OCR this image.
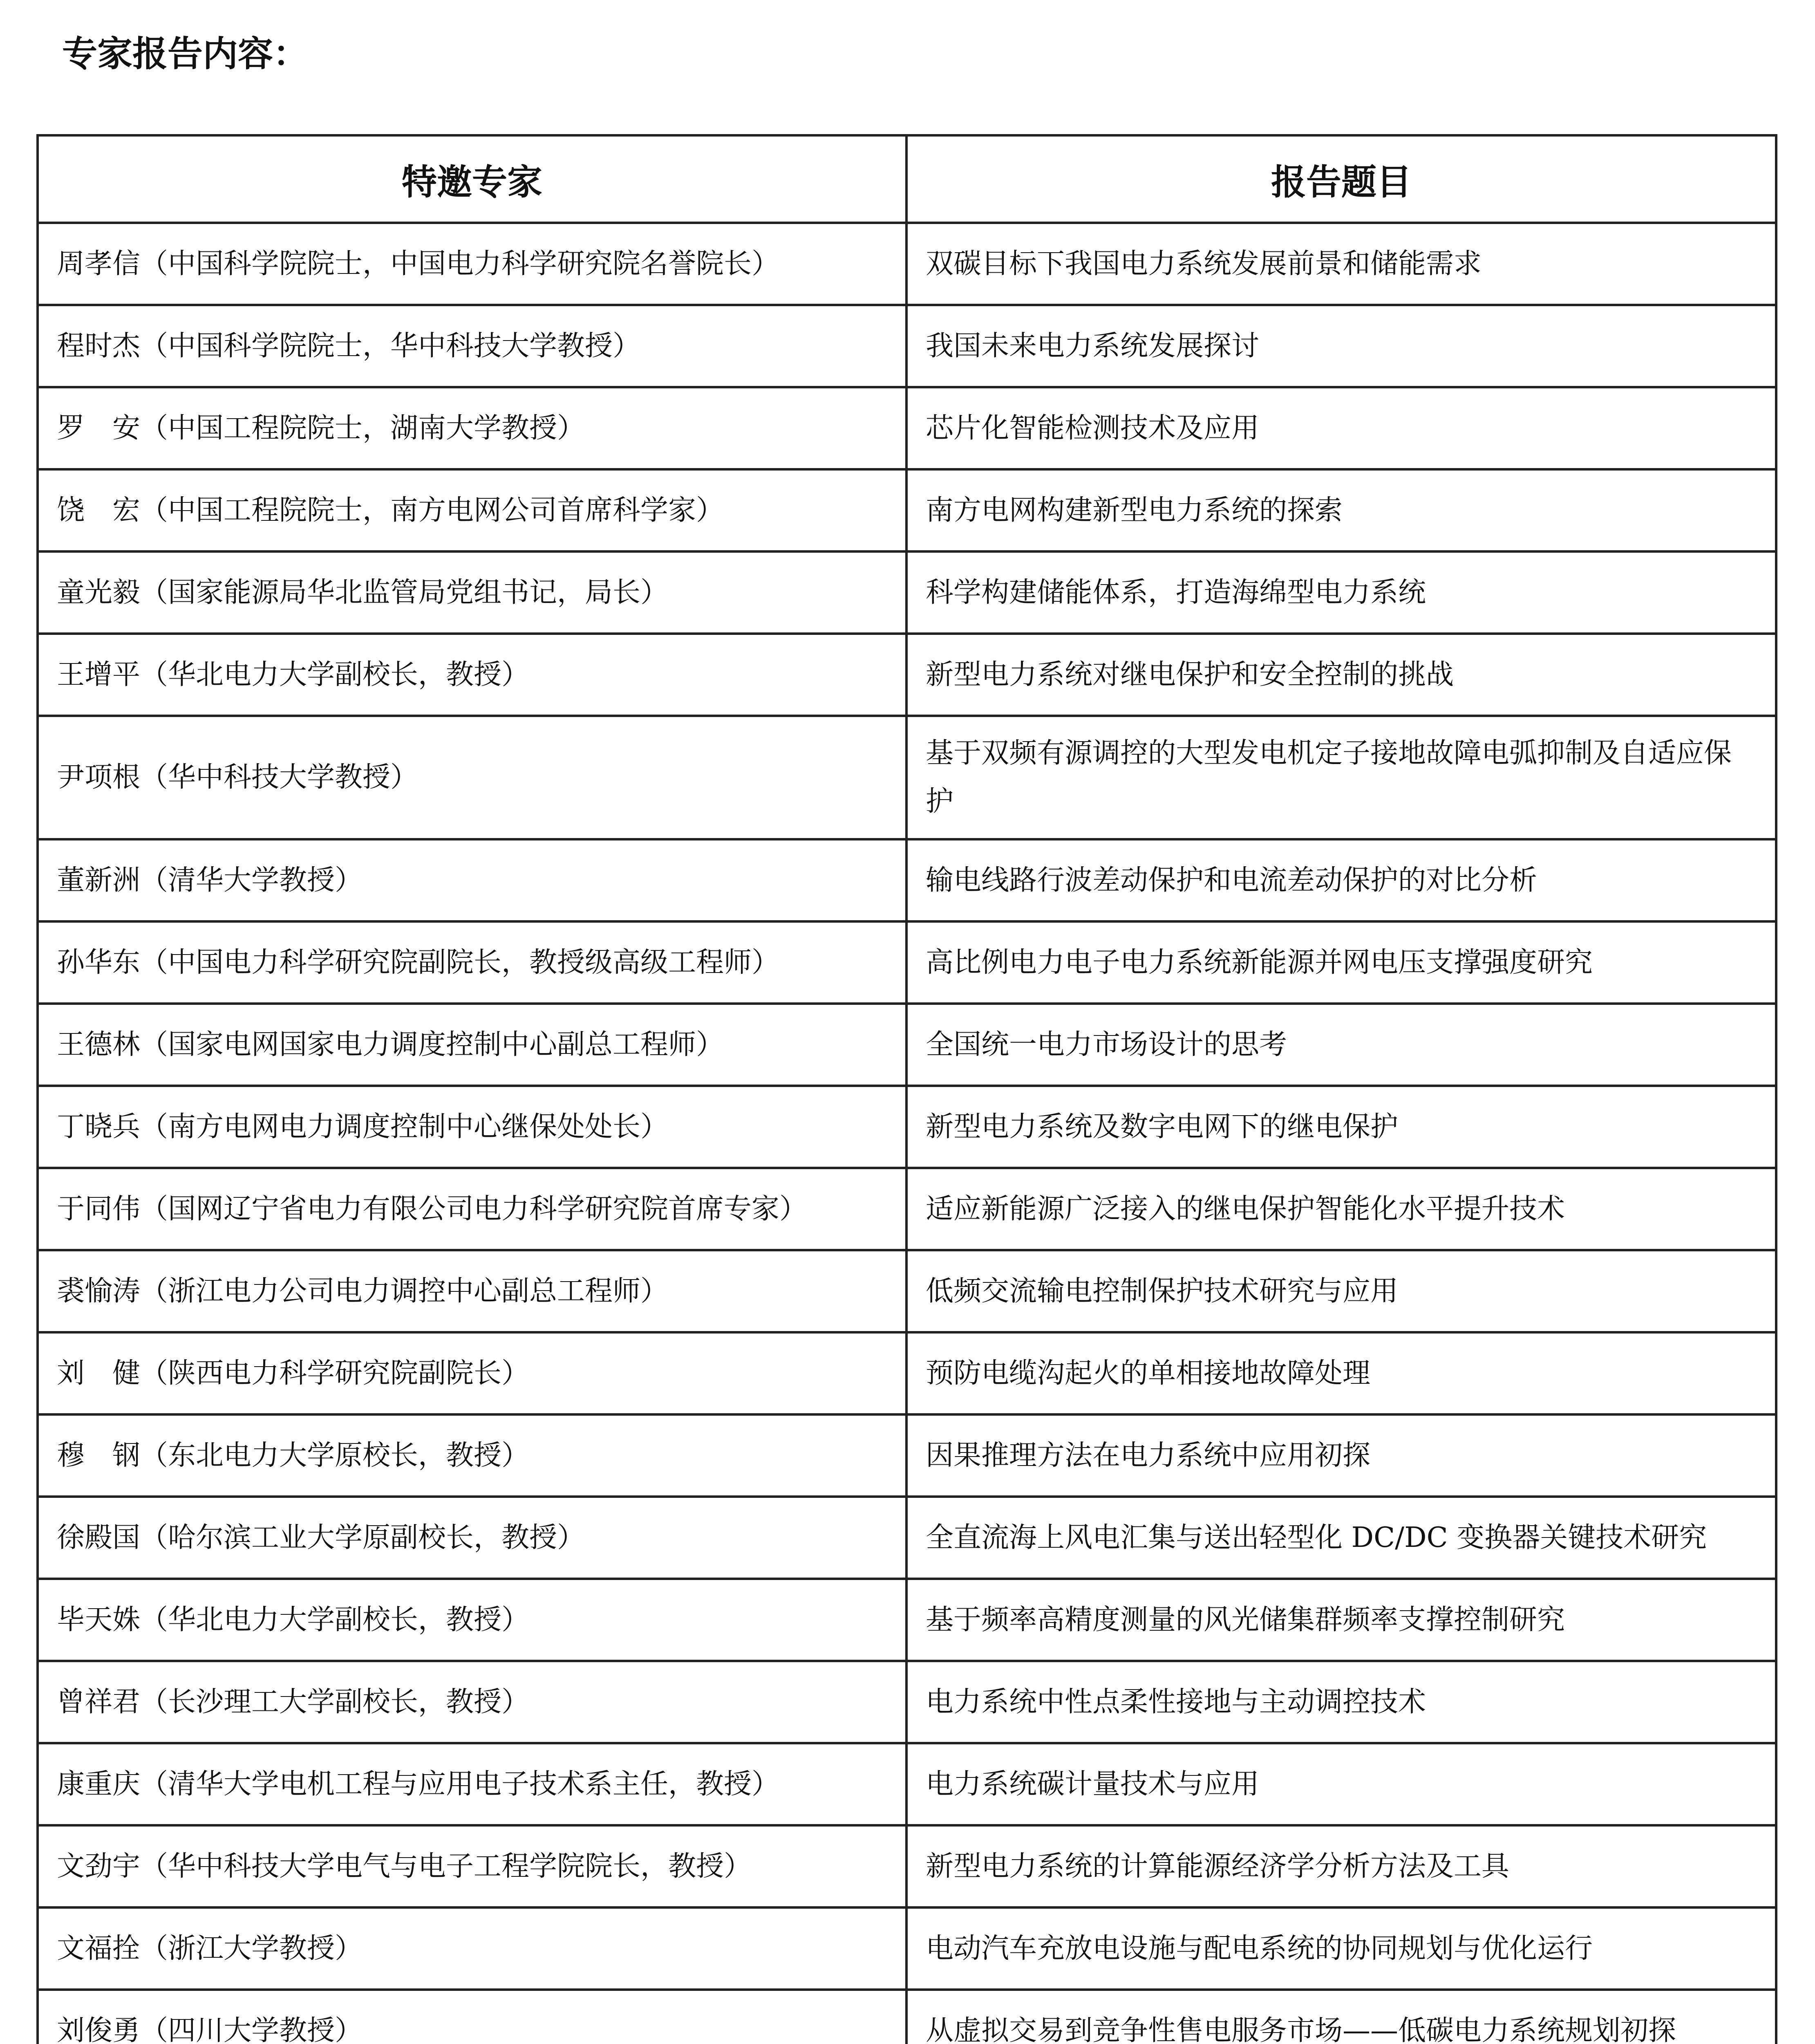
专家报告内容：
特邀专家	报告题目
周孝信（中国科学院院士，中国电力科学研究院名誉院长）	双碳目标下我国电力系统发展前景和储能需求
程时杰（中国科学院院士，华中科技大学教授）	我国未来电力系统发展探讨
罗　安（中国工程院院士，湖南大学教授）	芯片化智能检测技术及应用
饶　宏（中国工程院院士，南方电网公司首席科学家）	南方电网构建新型电力系统的探索
童光毅（国家能源局华北监管局党组书记，局长）	科学构建储能体系，打造海绵型电力系统
王增平（华北电力大学副校长，教授）	新型电力系统对继电保护和安全控制的挑战
尹项根（华中科技大学教授）	基于双频有源调控的大型发电机定子接地故障电弧抑制及自适应保护
董新洲（清华大学教授）	输电线路行波差动保护和电流差动保护的对比分析
孙华东（中国电力科学研究院副院长，教授级高级工程师）	高比例电力电子电力系统新能源并网电压支撑强度研究
王德林（国家电网国家电力调度控制中心副总工程师）	全国统一电力市场设计的思考
丁晓兵（南方电网电力调度控制中心继保处处长）	新型电力系统及数字电网下的继电保护
于同伟（国网辽宁省电力有限公司电力科学研究院首席专家）	适应新能源广泛接入的继电保护智能化水平提升技术
裘愉涛（浙江电力公司电力调控中心副总工程师）	低频交流输电控制保护技术研究与应用
刘　健（陕西电力科学研究院副院长）	预防电缆沟起火的单相接地故障处理
穆　钢（东北电力大学原校长，教授）	因果推理方法在电力系统中应用初探
徐殿国（哈尔滨工业大学原副校长，教授）	全直流海上风电汇集与送出轻型化 DC/DC 变换器关键技术研究
毕天姝（华北电力大学副校长，教授）	基于频率高精度测量的风光储集群频率支撑控制研究
曾祥君（长沙理工大学副校长，教授）	电力系统中性点柔性接地与主动调控技术
康重庆（清华大学电机工程与应用电子技术系主任，教授）	电力系统碳计量技术与应用
文劲宇（华中科技大学电气与电子工程学院院长，教授）	新型电力系统的计算能源经济学分析方法及工具
文福拴（浙江大学教授）	电动汽车充放电设施与配电系统的协同规划与优化运行
刘俊勇（四川大学教授）	从虚拟交易到竞争性售电服务市场——低碳电力系统规划初探
